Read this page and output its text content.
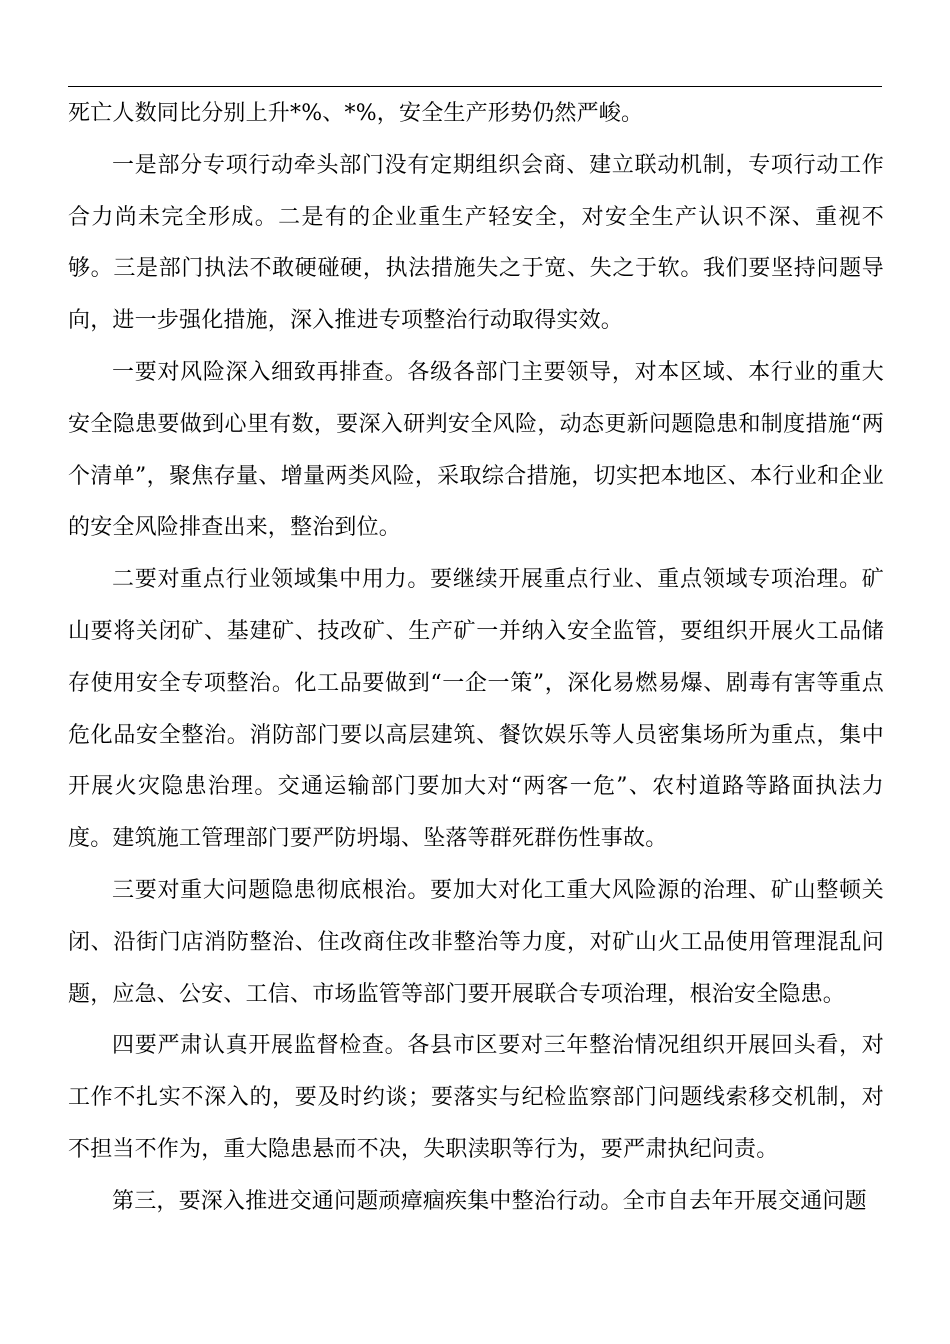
死亡人数同比分别上升*%、*%，安全生产形势仍然严峻。

一是部分专项行动牵头部门没有定期组织会商、建立联动机制，专项行动工作合力尚未完全形成。二是有的企业重生产轻安全，对安全生产认识不深、重视不够。三是部门执法不敢硬碰硬，执法措施失之于宽、失之于软。我们要坚持问题导向，进一步强化措施，深入推进专项整治行动取得实效。

一要对风险深入细致再排查。各级各部门主要领导，对本区域、本行业的重大安全隐患要做到心里有数，要深入研判安全风险，动态更新问题隐患和制度措施“两个清单”，聚焦存量、增量两类风险，采取综合措施，切实把本地区、本行业和企业的安全风险排查出来，整治到位。

二要对重点行业领域集中用力。要继续开展重点行业、重点领域专项治理。矿山要将关闭矿、基建矿、技改矿、生产矿一并纳入安全监管，要组织开展火工品储存使用安全专项整治。化工品要做到“一企一策”，深化易燃易爆、剧毒有害等重点危化品安全整治。消防部门要以高层建筑、餐饮娱乐等人员密集场所为重点，集中开展火灾隐患治理。交通运输部门要加大对“两客一危”、农村道路等路面执法力度。建筑施工管理部门要严防坍塌、坠落等群死群伤性事故。

三要对重大问题隐患彻底根治。要加大对化工重大风险源的治理、矿山整顿关闭、沿街门店消防整治、住改商住改非整治等力度，对矿山火工品使用管理混乱问题，应急、公安、工信、市场监管等部门要开展联合专项治理，根治安全隐患。

四要严肃认真开展监督检查。各县市区要对三年整治情况组织开展回头看，对工作不扎实不深入的，要及时约谈；要落实与纪检监察部门问题线索移交机制，对不担当不作为，重大隐患悬而不决，失职渎职等行为，要严肃执纪问责。

第三，要深入推进交通问题顽瘴痼疾集中整治行动。全市自去年开展交通问题
